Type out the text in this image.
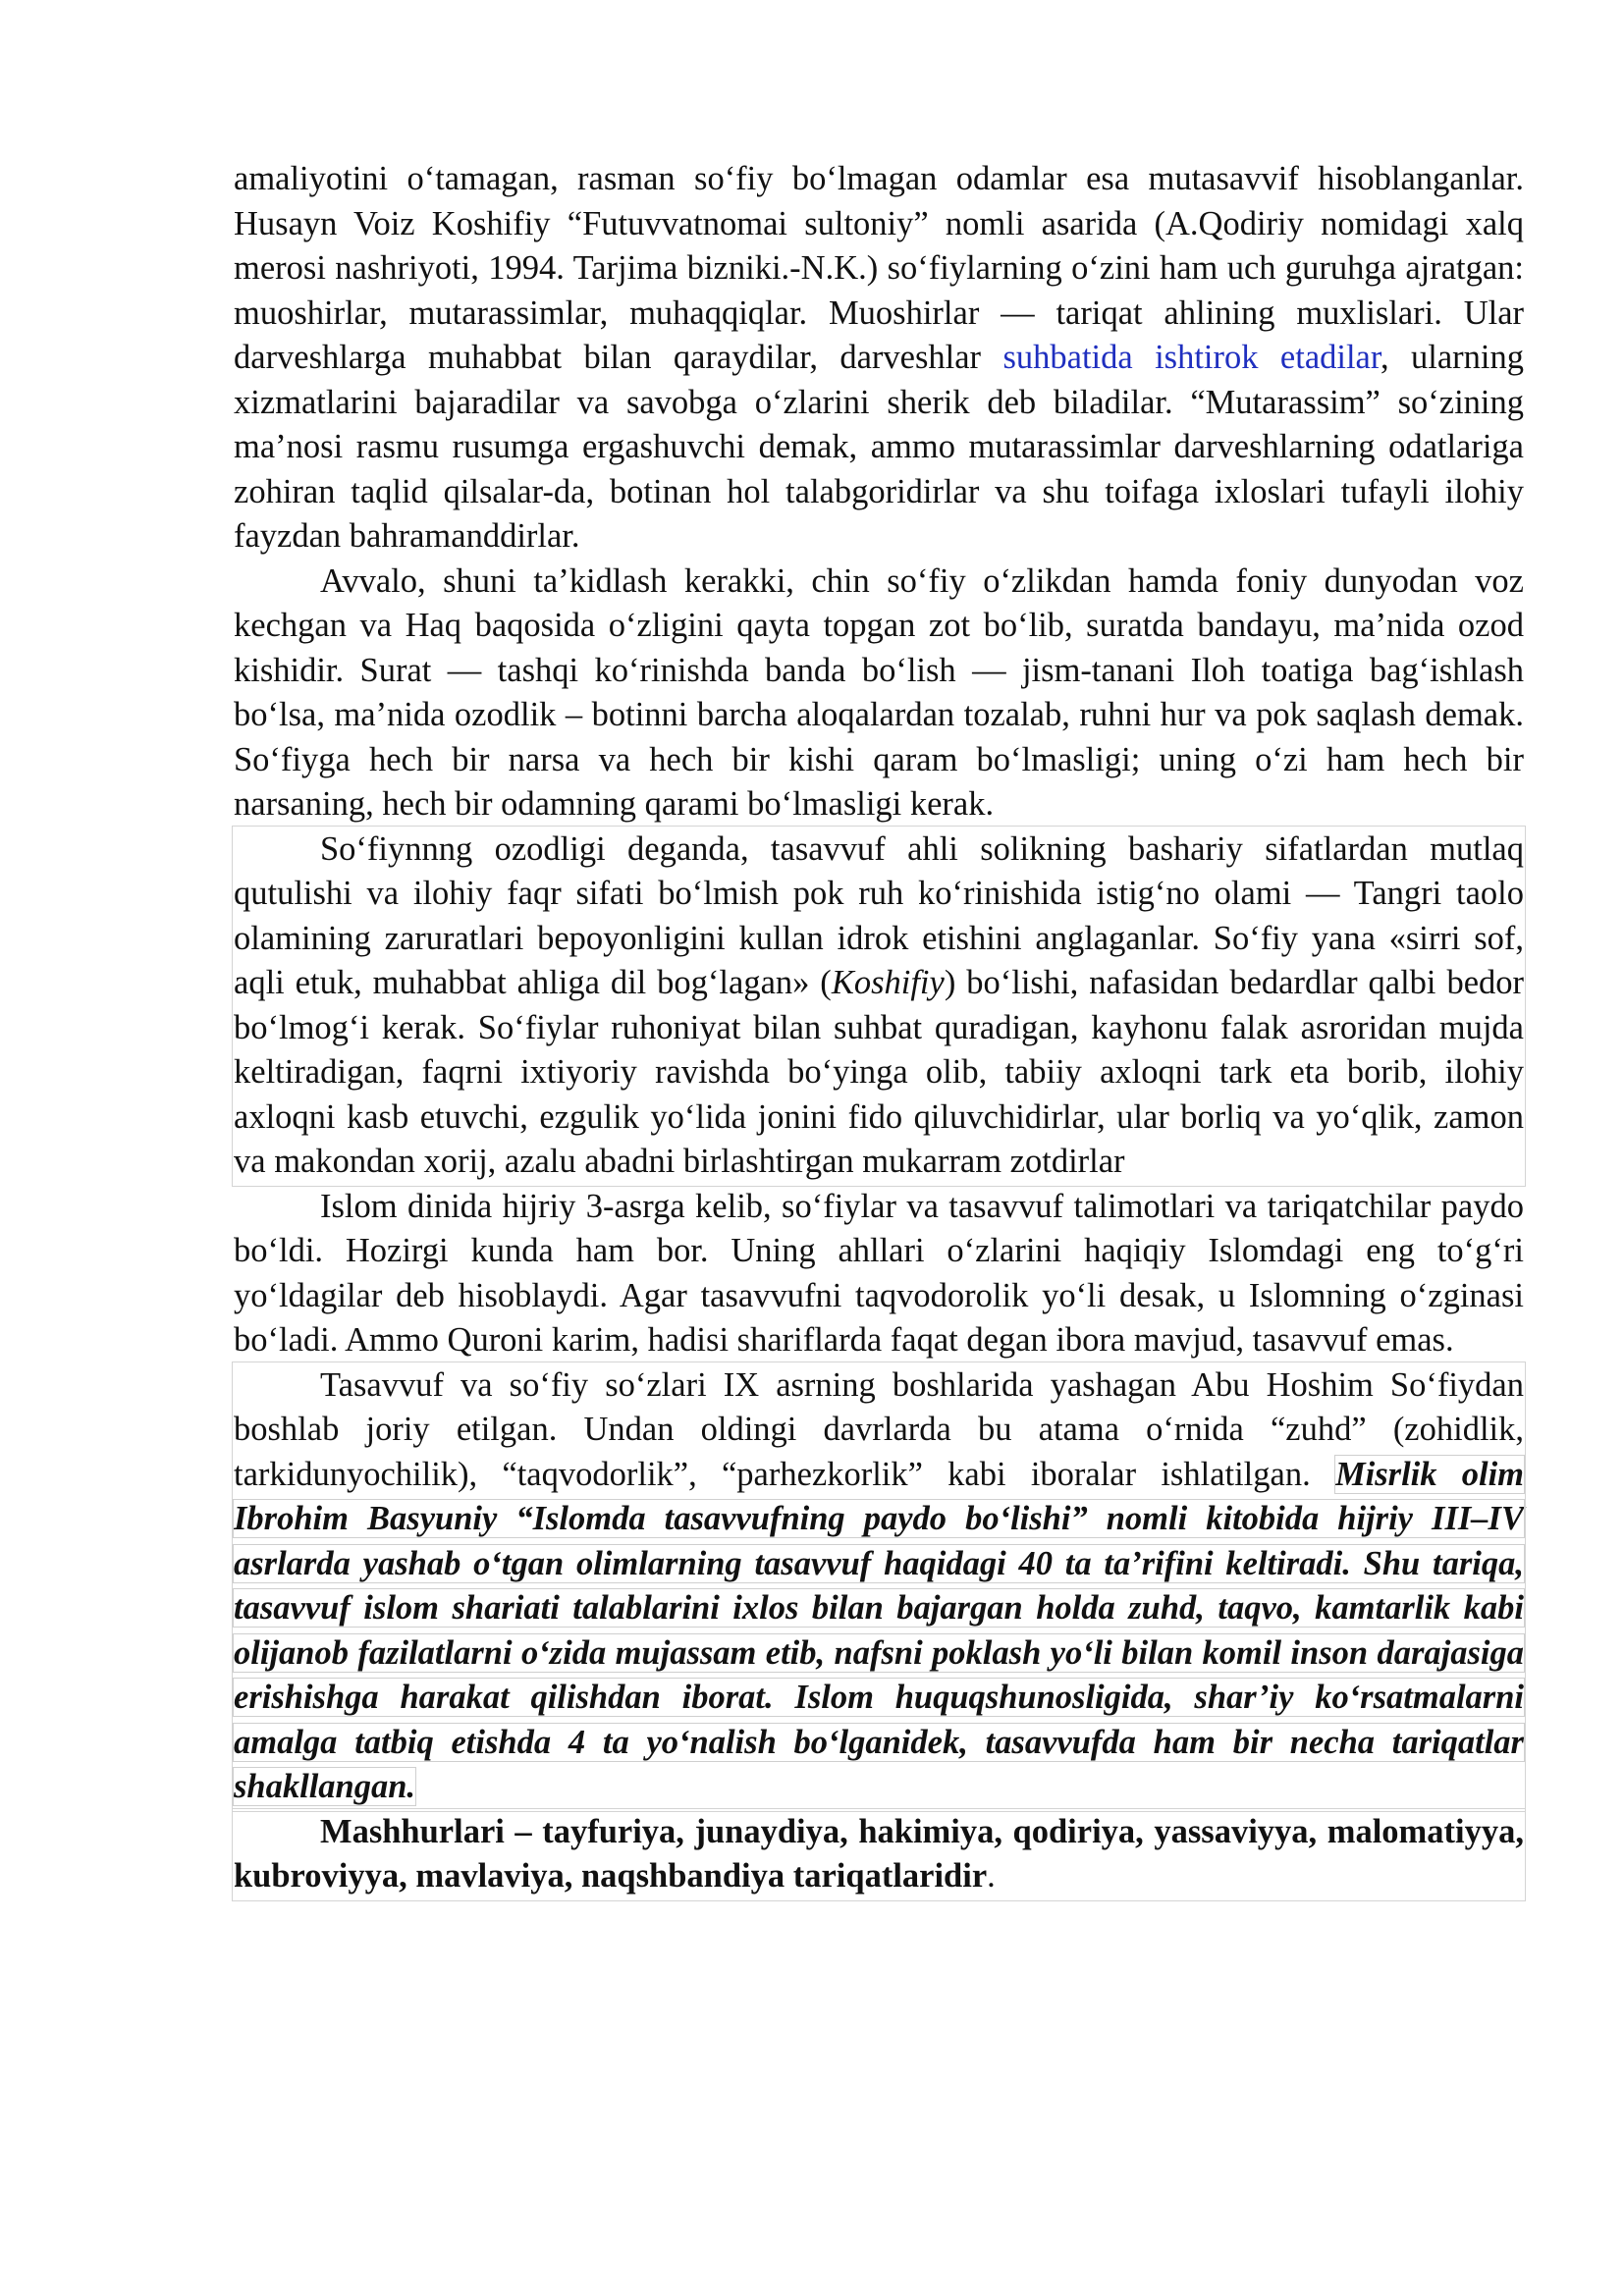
amaliyotini o‘tamagan, rasman so‘fiy bo‘lmagan odamlar esa mutasavvif hisoblanganlar. Husayn Voiz Koshifiy “Futuvvatnomai sultoniy” nomli asarida (A.Qodiriy nomidagi xalq merosi nashriyoti, 1994. Tarjima bizniki.-N.K.) so‘fiylarning o‘zini ham uch guruhga ajratgan: muoshirlar, mutarassimlar, muhaqqiqlar. Muoshirlar — tariqat ahlining muxlislari. Ular darveshlarga muhabbat bilan qaraydilar, darveshlar suhbatida ishtirok etadilar, ularning xizmatlarini bajaradilar va savobga o‘zlarini sherik deb biladilar. “Mutarassim” so‘zining ma’nosi rasmu rusumga ergashuvchi demak, ammo mutarassimlar darveshlarning odatlariga zohiran taqlid qilsalar-da, botinan hol talabgoridirlar va shu toifaga ixloslari tufayli ilohiy fayzdan bahramanddirlar.

Avvalo, shuni ta’kidlash kerakki, chin so‘fiy o‘zlikdan hamda foniy dunyodan voz kechgan va Haq baqosida o‘zligini qayta topgan zot bo‘lib, suratda bandayu, ma’nida ozod kishidir. Surat — tashqi ko‘rinishda banda bo‘lish — jism-tanani Iloh toatiga bag‘ishlash bo‘lsa, ma’nida ozodlik – botinni barcha aloqalardan tozalab, ruhni hur va pok saqlash demak. So‘fiyga hech bir narsa va hech bir kishi qaram bo‘lmasligi; uning o‘zi ham hech bir narsaning, hech bir odamning qarami bo‘lmasligi kerak.

So‘fiynnng ozodligi deganda, tasavvuf ahli solikning bashariy sifatlardan mutlaq qutulishi va ilohiy faqr sifati bo‘lmish pok ruh ko‘rinishida istig‘no olami — Tangri taolo olamining zaruratlari bepoyonligini kullan idrok etishini anglaganlar. So‘fiy yana «sirri sof, aqli etuk, muhabbat ahliga dil bog‘lagan» (Koshifiy) bo‘lishi, nafasidan bedardlar qalbi bedor bo‘lmog‘i kerak. So‘fiylar ruhoniyat bilan suhbat quradigan, kayhonu falak asroridan mujda keltiradigan, faqrni ixtiyoriy ravishda bo‘yinga olib, tabiiy axloqni tark eta borib, ilohiy axloqni kasb etuvchi, ezgulik yo‘lida jonini fido qiluvchidirlar, ular borliq va yo‘qlik, zamon va makondan xorij, azalu abadni birlashtirgan mukarram zotdirlar

Islom dinida hijriy 3-asrga kelib, so‘fiylar va tasavvuf talimotlari va tariqatchilar paydo bo‘ldi. Hozirgi kunda ham bor. Uning ahllari o‘zlarini haqiqiy Islomdagi eng to‘g‘ri yo‘ldagilar deb hisoblaydi. Agar tasavvufni taqvodorolik yo‘li desak, u Islomning o‘zginasi bo‘ladi. Ammo Quroni karim, hadisi shariflarda faqat degan ibora mavjud, tasavvuf emas.

Tasavvuf va so‘fiy so‘zlari IX asrning boshlarida yashagan Abu Hoshim So‘fiydan boshlab joriy etilgan. Undan oldingi davrlarda bu atama o‘rnida “zuhd” (zohidlik, tarkidunyochilik), “taqvodorlik”, “parhezkorlik” kabi iboralar ishlatilgan. Misrlik olim Ibrohim Basyuniy “Islomda tasavvufning paydo bo‘lishi” nomli kitobida hijriy III–IV asrlarda yashab o‘tgan olimlarning tasavvuf haqidagi 40 ta ta’rifini keltiradi. Shu tariqa, tasavvuf islom shariati talablarini ixlos bilan bajargan holda zuhd, taqvo, kamtarlik kabi olijanob fazilatlarni o‘zida mujassam etib, nafsni poklash yo‘li bilan komil inson darajasiga erishishga harakat qilishdan iborat. Islom huquqshunosligida, shar’iy ko‘rsatmalarni amalga tatbiq etishda 4 ta yo‘nalish bo‘lganidek, tasavvufda ham bir necha tariqatlar shakllangan.

Mashhurlari – tayfuriya, junaydiya, hakimiya, qodiriya, yassaviyya, malomatiyya, kubroviyya, mavlaviya, naqshbandiya tariqatlaridir.
